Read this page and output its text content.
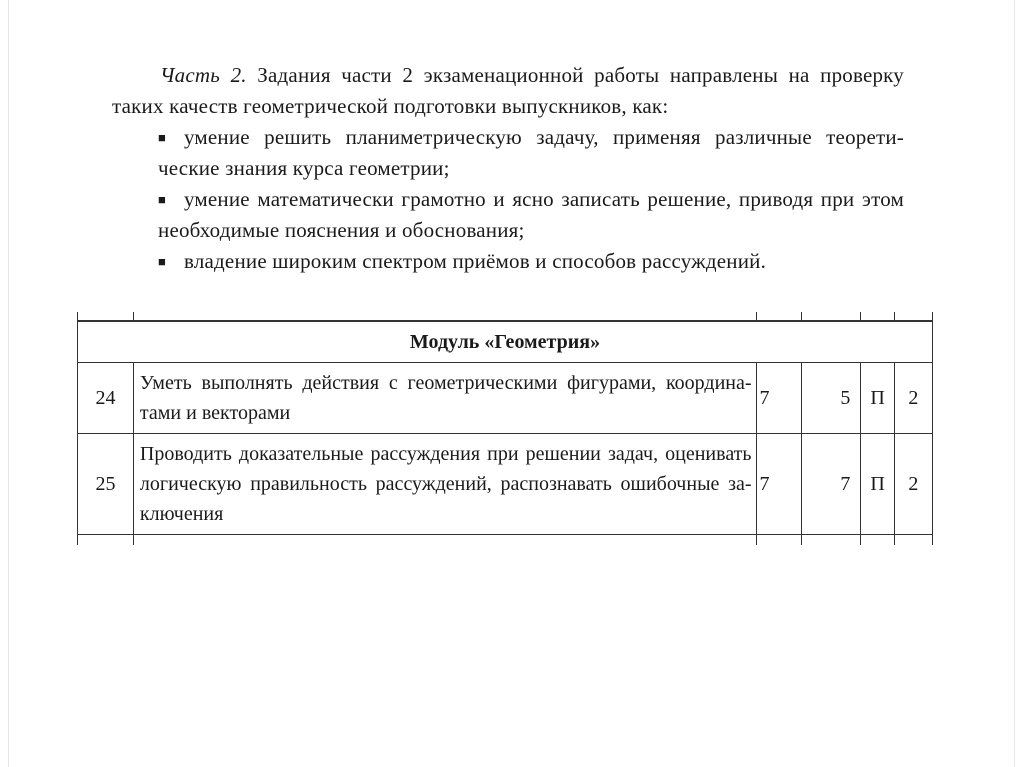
Часть 2. Задания части 2 экзаменационной работы направлены на проверку таких качеств геометрической подготовки выпускников, как:

■ умение решить планиметрическую задачу, применяя различные теорети-ческие знания курса геометрии;

■ умение математически грамотно и ясно записать решение, приводя при этом необходимые пояснения и обоснования;

■ владение широким спектром приёмов и способов рассуждений.

Модуль «Геометрия»					
24	Уметь выполнять действия с геометрическими фигурами, координа-тами и векторами	7	5	П	2
25	Проводить доказательные рассуждения при решении задач, оценивать логическую правильность рассуждений, распознавать ошибочные за-ключения	7	7	П	2
